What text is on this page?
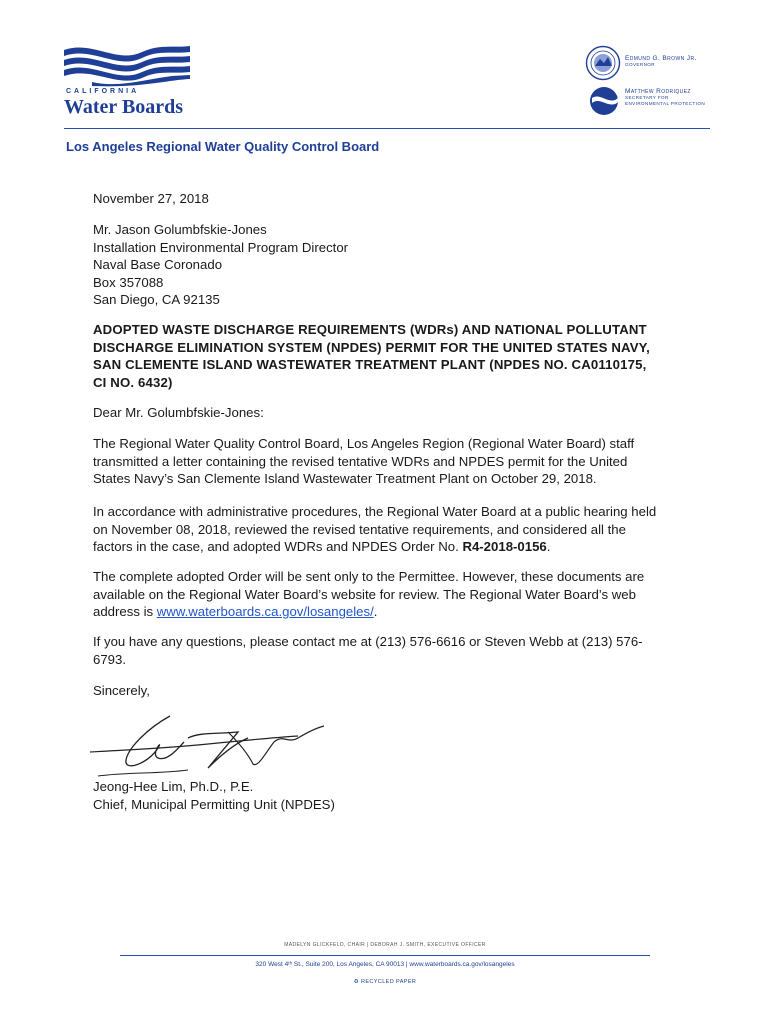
CALIFORNIA
Water Boards
Edmund G. Brown Jr.
GOVERNOR
Matthew Rodriquez
SECRETARY FOR
ENVIRONMENTAL PROTECTION
Los Angeles Regional Water Quality Control Board
November 27, 2018
Mr. Jason Golumbfskie-Jones
Installation Environmental Program Director
Naval Base Coronado
Box 357088
San Diego, CA 92135
ADOPTED WASTE DISCHARGE REQUIREMENTS (WDRs) AND NATIONAL POLLUTANT
DISCHARGE ELIMINATION SYSTEM (NPDES) PERMIT FOR THE UNITED STATES NAVY,
SAN CLEMENTE ISLAND WASTEWATER TREATMENT PLANT (NPDES NO. CA0110175,
CI NO. 6432)
Dear Mr. Golumbfskie-Jones:
The Regional Water Quality Control Board, Los Angeles Region (Regional Water Board) staff
transmitted a letter containing the revised tentative WDRs and NPDES permit for the United
States Navy’s San Clemente Island Wastewater Treatment Plant on October 29, 2018.
In accordance with administrative procedures, the Regional Water Board at a public hearing held
on November 08, 2018, reviewed the revised tentative requirements, and considered all the
factors in the case, and adopted WDRs and NPDES Order No. R4-2018-0156.
The complete adopted Order will be sent only to the Permittee. However, these documents are
available on the Regional Water Board’s website for review. The Regional Water Board’s web
address is www.waterboards.ca.gov/losangeles/.
If you have any questions, please contact me at (213) 576-6616 or Steven Webb at (213) 576-
6793.
Sincerely,
Jeong-Hee Lim, Ph.D., P.E.
Chief, Municipal Permitting Unit (NPDES)
MADELYN GLICKFELD, CHAIR | DEBORAH J. SMITH, EXECUTIVE OFFICER
320 West 4ᵗʰ St., Suite 200, Los Angeles, CA 90013 | www.waterboards.ca.gov/losangeles
♻ RECYCLED PAPER
